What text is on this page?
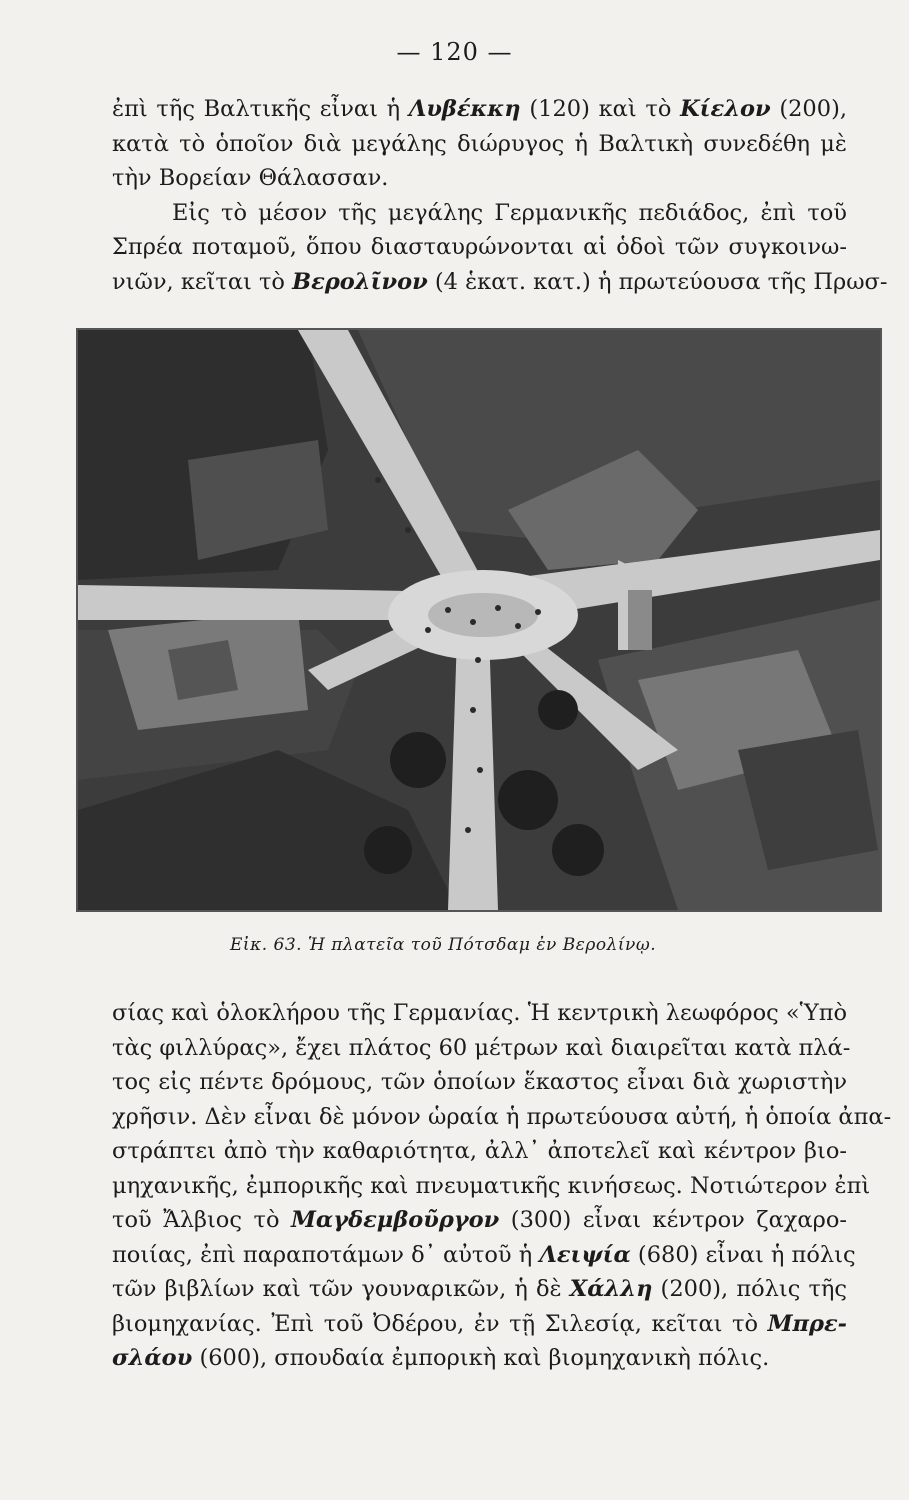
— 120 —
ἐπὶ τῆς Βαλτικῆς εἶναι ἡ Λυβέκκη (120) καὶ τὸ Κίελον (200),
κατὰ τὸ ὁποῖον διὰ μεγάλης διώρυγος ἡ Βαλτικὴ συνεδέθη μὲ
τὴν Βορείαν Θάλασσαν.
Εἰς τὸ μέσον τῆς μεγάλης Γερμανικῆς πεδιάδος, ἐπὶ τοῦ
Σπρέα ποταμοῦ, ὅπου διασταυρώνονται αἱ ὁδοὶ τῶν συγκοινω-
νιῶν, κεῖται τὸ Βερολῖνον (4 ἑκατ. κατ.) ἡ πρωτεύουσα τῆς Πρωσ-
Εἰκ. 63. Ἡ πλατεῖα τοῦ Πότσδαμ ἐν Βερολίνῳ.
σίας καὶ ὁλοκλήρου τῆς Γερμανίας. Ἡ κεντρικὴ λεωφόρος «Ὑπὸ
τὰς φιλλύρας», ἔχει πλάτος 60 μέτρων καὶ διαιρεῖται κατὰ πλά-
τος εἰς πέντε δρόμους, τῶν ὁποίων ἕκαστος εἶναι διὰ χωριστὴν
χρῆσιν. Δὲν εἶναι δὲ μόνον ὡραία ἡ πρωτεύουσα αὐτή, ἡ ὁποία ἀπα-
στράπτει ἀπὸ τὴν καθαριότητα, ἀλλ᾽ ἀποτελεῖ καὶ κέντρον βιο-
μηχανικῆς, ἐμπορικῆς καὶ πνευματικῆς κινήσεως. Νοτιώτερον ἐπὶ
τοῦ Ἄλβιος τὸ Μαγδεμβοῦργον (300) εἶναι κέντρον ζαχαρο-
ποιίας, ἐπὶ παραποτάμων δ᾽ αὐτοῦ ἡ Λειψία (680) εἶναι ἡ πόλις
τῶν βιβλίων καὶ τῶν γουναρικῶν, ἡ δὲ Χάλλη (200), πόλις τῆς
βιομηχανίας. Ἐπὶ τοῦ Ὀδέρου, ἐν τῇ Σιλεσίᾳ, κεῖται τὸ Μπρε-
σλάου (600), σπουδαία ἐμπορικὴ καὶ βιομηχανικὴ πόλις.
